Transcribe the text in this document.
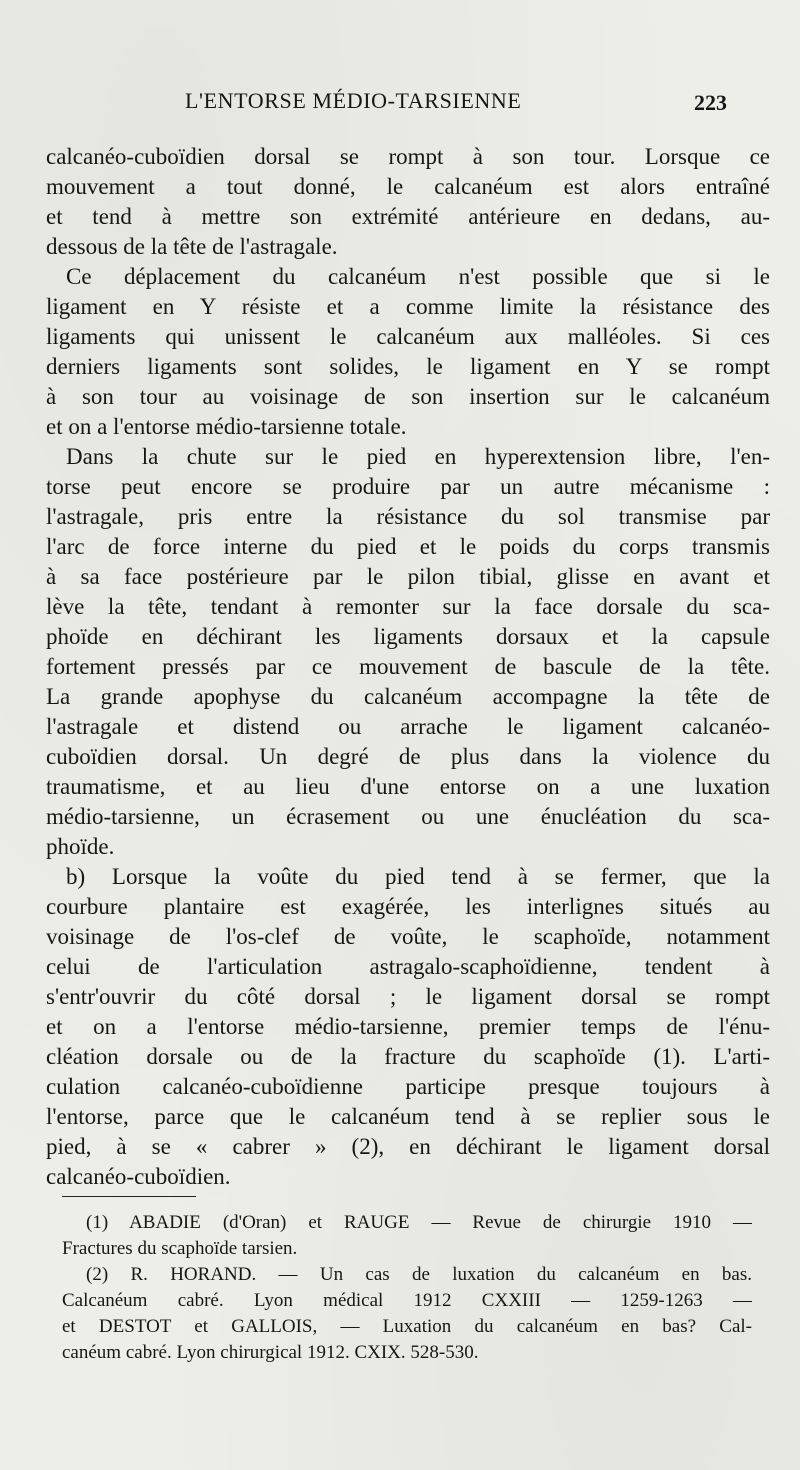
L'ENTORSE MÉDIO-TARSIENNE	223
calcanéo-cuboïdien dorsal se rompt à son tour. Lorsque ce
mouvement a tout donné, le calcanéum est alors entraîné
et tend à mettre son extrémité antérieure en dedans, au-
dessous de la tête de l'astragale.
Ce déplacement du calcanéum n'est possible que si le
ligament en Y résiste et a comme limite la résistance des
ligaments qui unissent le calcanéum aux malléoles. Si ces
derniers ligaments sont solides, le ligament en Y se rompt
à son tour au voisinage de son insertion sur le calcanéum
et on a l'entorse médio-tarsienne totale.
Dans la chute sur le pied en hyperextension libre, l'en-
torse peut encore se produire par un autre mécanisme :
l'astragale, pris entre la résistance du sol transmise par
l'arc de force interne du pied et le poids du corps transmis
à sa face postérieure par le pilon tibial, glisse en avant et
lève la tête, tendant à remonter sur la face dorsale du sca-
phoïde en déchirant les ligaments dorsaux et la capsule
fortement pressés par ce mouvement de bascule de la tête.
La grande apophyse du calcanéum accompagne la tête de
l'astragale et distend ou arrache le ligament calcanéo-
cuboïdien dorsal. Un degré de plus dans la violence du
traumatisme, et au lieu d'une entorse on a une luxation
médio-tarsienne, un écrasement ou une énucléation du sca-
phoïde.
b) Lorsque la voûte du pied tend à se fermer, que la
courbure plantaire est exagérée, les interlignes situés au
voisinage de l'os-clef de voûte, le scaphoïde, notamment
celui de l'articulation astragalo-scaphoïdienne, tendent à
s'entr'ouvrir du côté dorsal ; le ligament dorsal se rompt
et on a l'entorse médio-tarsienne, premier temps de l'énu-
cléation dorsale ou de la fracture du scaphoïde (1). L'arti-
culation calcanéo-cuboïdienne participe presque toujours à
l'entorse, parce que le calcanéum tend à se replier sous le
pied, à se « cabrer » (2), en déchirant le ligament dorsal
calcanéo-cuboïdien.
(1) ABADIE (d'Oran) et RAUGE — Revue de chirurgie 1910 —
Fractures du scaphoïde tarsien.
(2) R. HORAND. — Un cas de luxation du calcanéum en bas.
Calcanéum cabré. Lyon médical 1912 CXXIII — 1259-1263 —
et DESTOT et GALLOIS, — Luxation du calcanéum en bas? Cal-
canéum cabré. Lyon chirurgical 1912. CXIX. 528-530.
